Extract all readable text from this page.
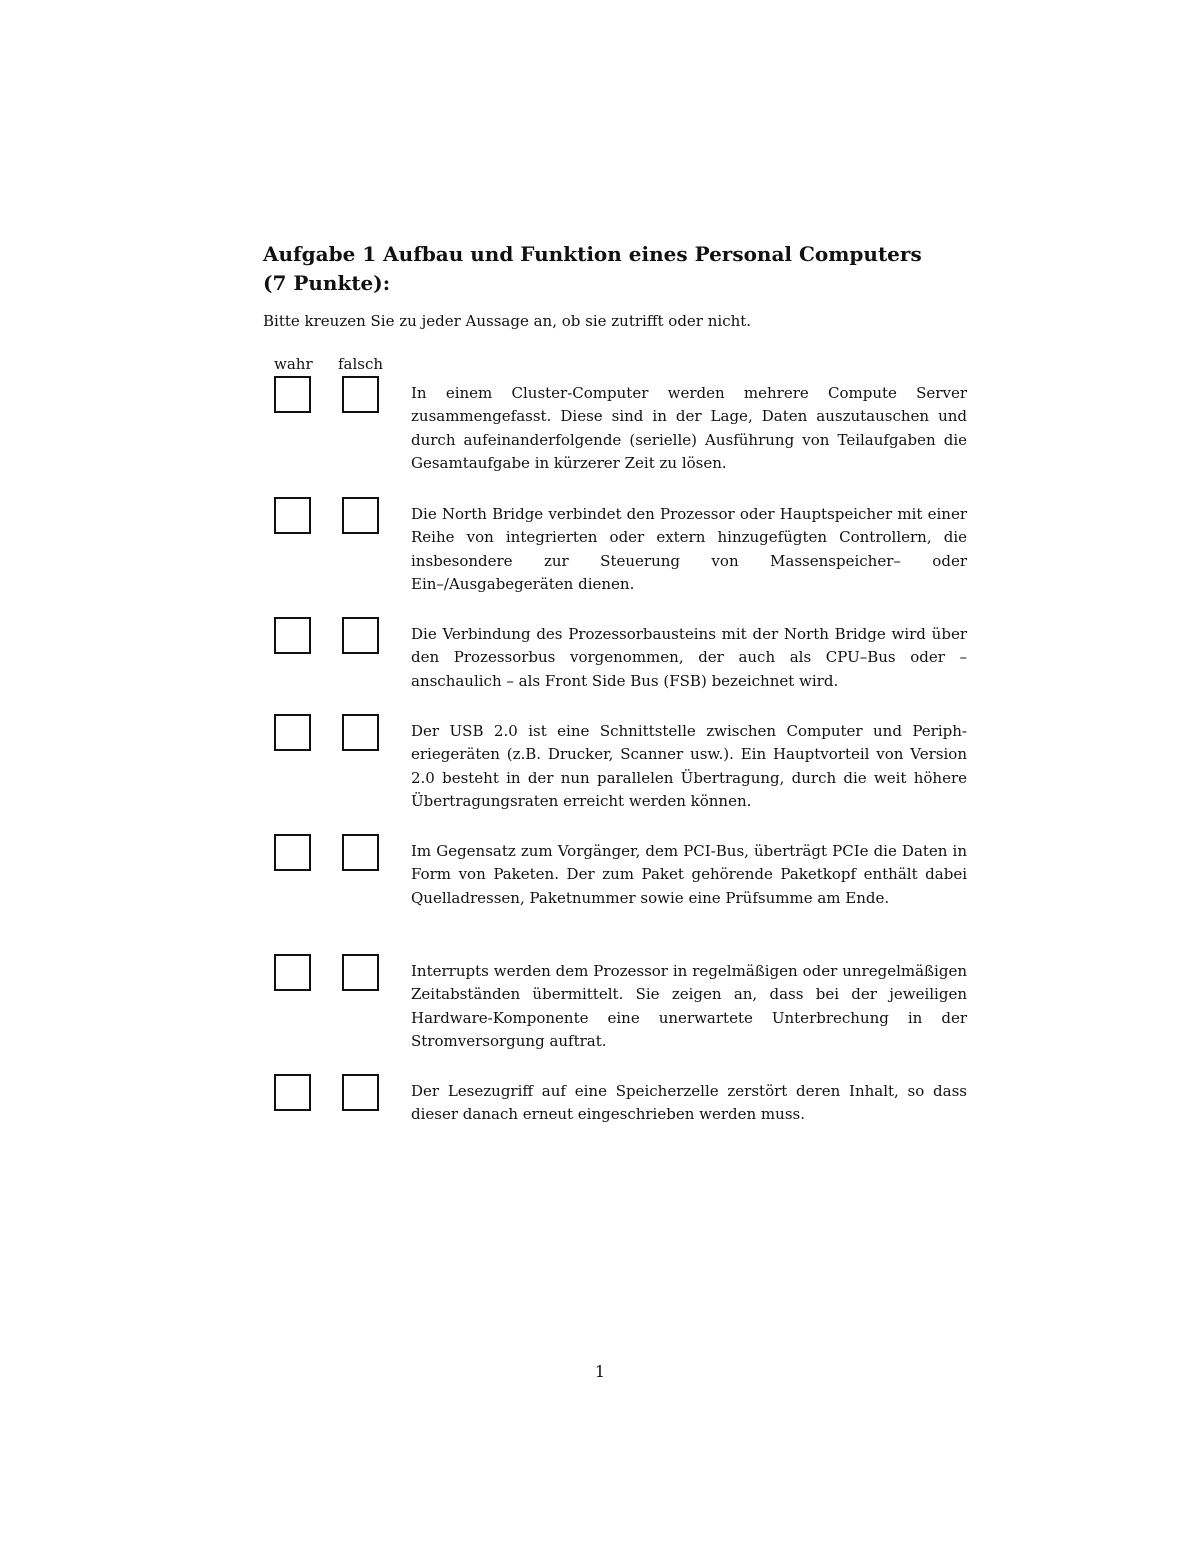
Aufgabe 1 Aufbau und Funktion eines Personal Computers
(7 Punkte):

Bitte kreuzen Sie zu jeder Aussage an, ob sie zutrifft oder nicht.

wahr falsch

In einem Cluster-Computer werden mehrere Compute Server zusammengefasst. Diese sind in der Lage, Daten auszutauschen und durch aufeinanderfolgende (serielle) Ausführung von Teilaufgaben die Gesamtaufgabe in kürzerer Zeit zu lösen.

Die North Bridge verbindet den Prozessor oder Hauptspeicher mit einer Reihe von integrierten oder extern hinzugefügten Controllern, die insbesondere zur Steuerung von Massenspeicher– oder Ein–/Ausgabegeräten dienen.

Die Verbindung des Prozessorbausteins mit der North Bridge wird über den Prozessorbus vorgenommen, der auch als CPU–Bus oder – anschaulich – als Front Side Bus (FSB) bezeichnet wird.

Der USB 2.0 ist eine Schnittstelle zwischen Computer und Peripheriegeräten (z.B. Drucker, Scanner usw.). Ein Hauptvorteil von Version 2.0 besteht in der nun parallelen Übertragung, durch die weit höhere Übertragungsraten erreicht werden können.

Im Gegensatz zum Vorgänger, dem PCI-Bus, überträgt PCIe die Daten in Form von Paketen. Der zum Paket gehörende Paketkopf enthält dabei Quelladressen, Paketnummer sowie eine Prüfsumme am Ende.

Interrupts werden dem Prozessor in regelmäßigen oder unregelmäßigen Zeitabständen übermittelt. Sie zeigen an, dass bei der jeweiligen Hardware-Komponente eine unerwartete Unterbrechung in der Stromversorgung auftrat.

Der Lesezugriff auf eine Speicherzelle zerstört deren Inhalt, so dass dieser danach erneut eingeschrieben werden muss.

1
